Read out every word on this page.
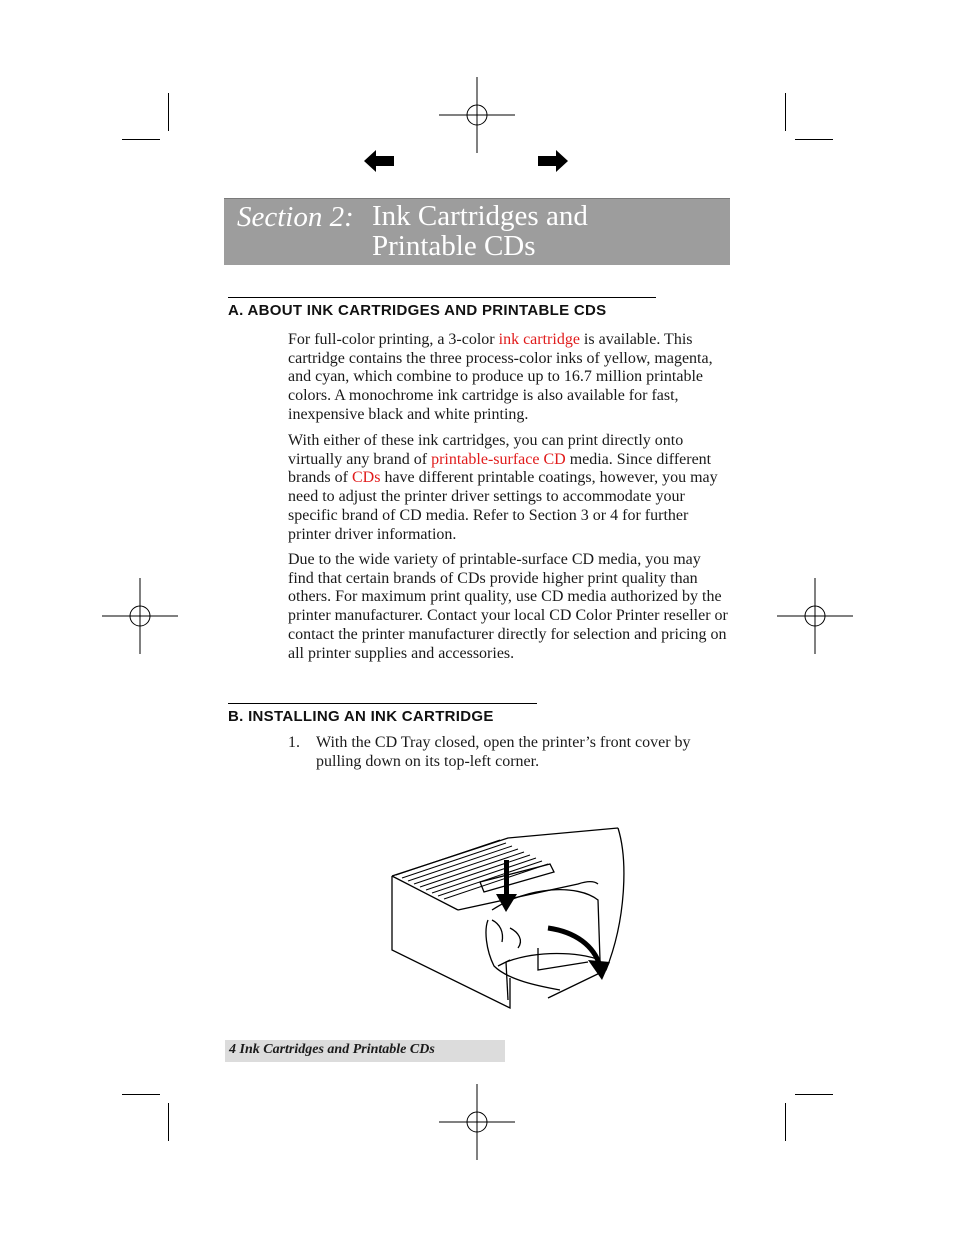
Section 2: Ink Cartridges and
Printable CDs
A. ABOUT INK CARTRIDGES AND PRINTABLE CDS

For full-color printing, a 3-color ink cartridge is available. This cartridge contains the three process-color inks of yellow, magenta, and cyan, which combine to produce up to 16.7 million printable colors. A monochrome ink cartridge is also available for fast, inexpensive black and white printing.

With either of these ink cartridges, you can print directly onto virtually any brand of printable-surface CD media. Since different brands of CDs have different printable coatings, however, you may need to adjust the printer driver settings to accommodate your specific brand of CD media. Refer to Section 3 or 4 for further printer driver information.

Due to the wide variety of printable-surface CD media, you may find that certain brands of CDs provide higher print quality than others. For maximum print quality, use CD media authorized by the printer manufacturer. Contact your local CD Color Printer reseller or contact the printer manufacturer directly for selection and pricing on all printer supplies and accessories.

B. INSTALLING AN INK CARTRIDGE
1. With the CD Tray closed, open the printer’s front cover by pulling down on its top-left corner.
4 Ink Cartridges and Printable CDs
